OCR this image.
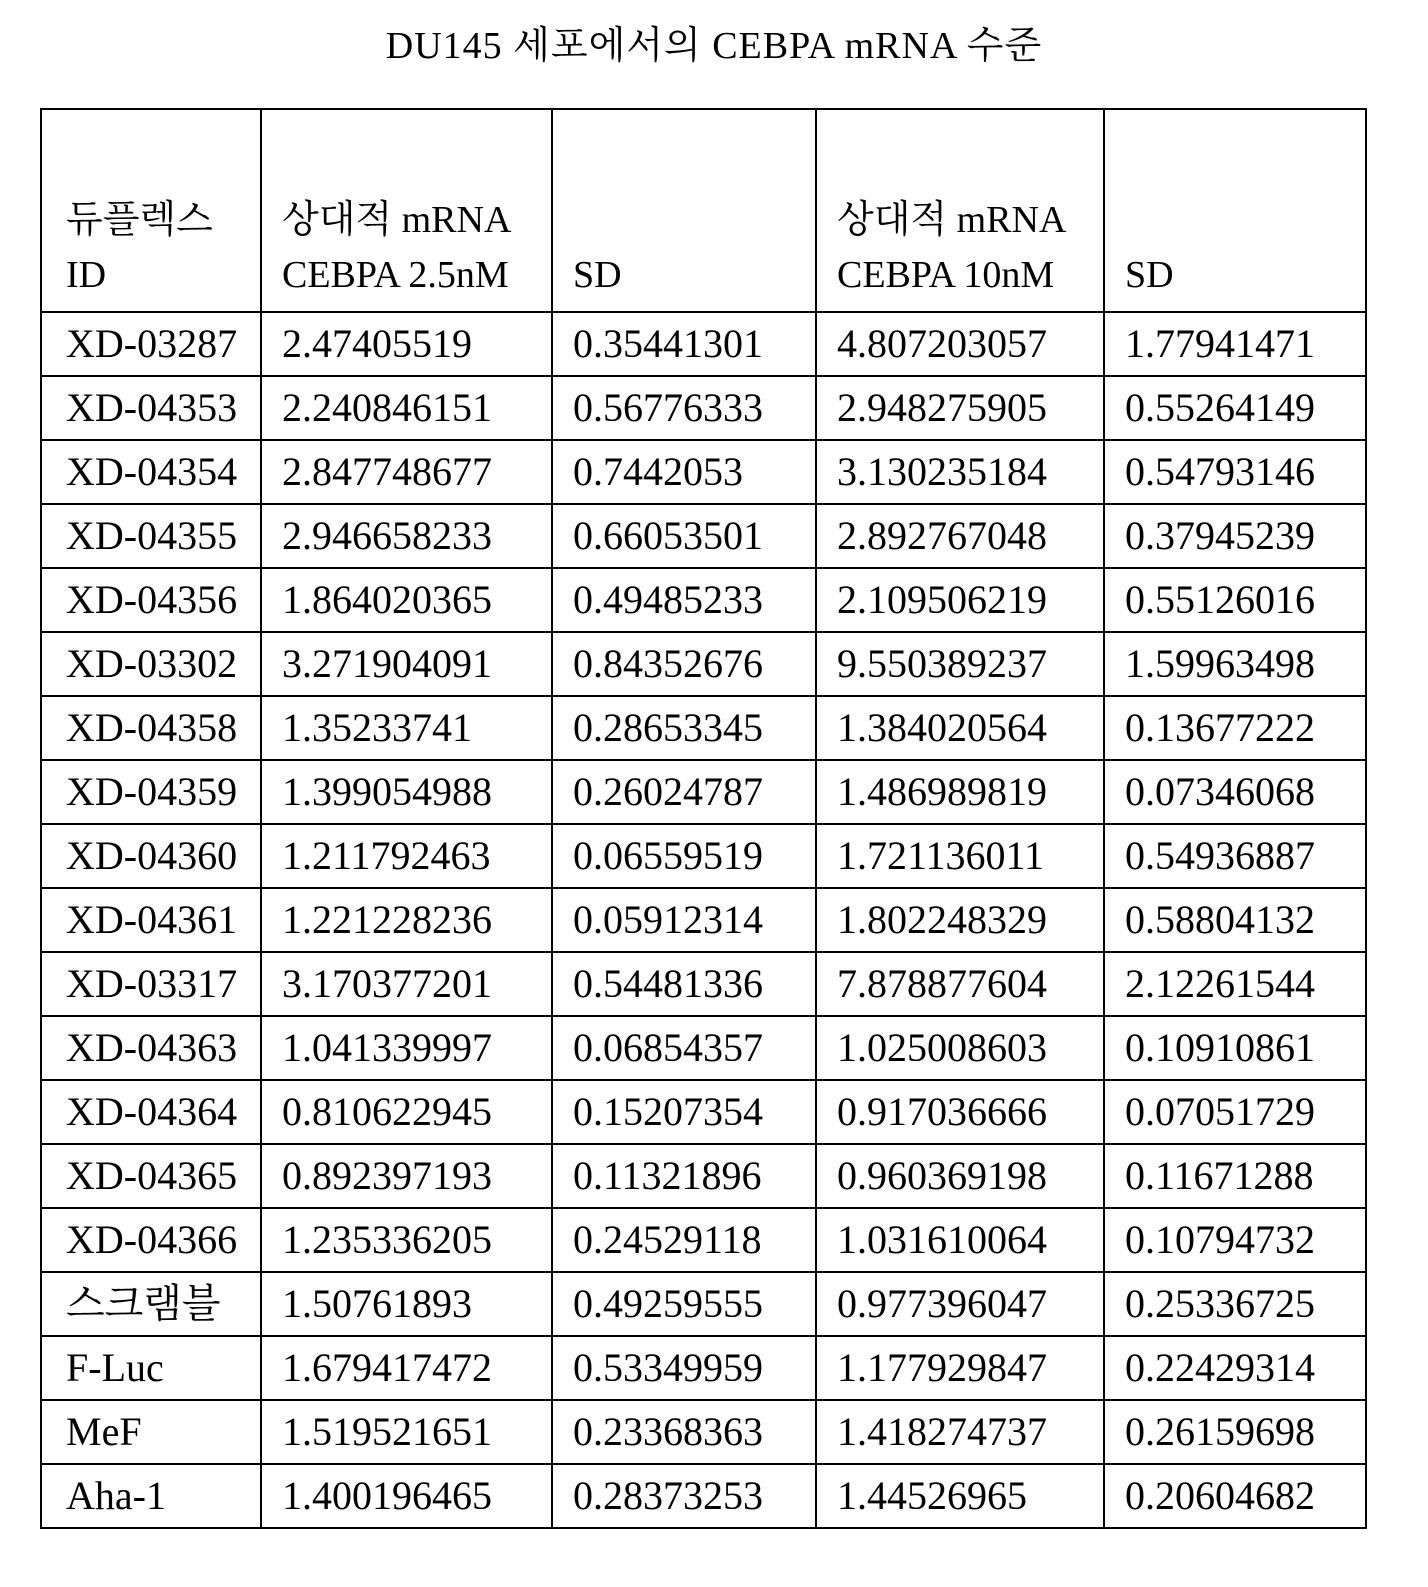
DU145 세포에서의 CEBPA mRNA 수준
듀플렉스
ID	상대적 mRNA
CEBPA 2.5nM	SD	상대적 mRNA
CEBPA 10nM	SD
XD-03287	2.47405519	0.35441301	4.807203057	1.77941471
XD-04353	2.240846151	0.56776333	2.948275905	0.55264149
XD-04354	2.847748677	0.7442053	3.130235184	0.54793146
XD-04355	2.946658233	0.66053501	2.892767048	0.37945239
XD-04356	1.864020365	0.49485233	2.109506219	0.55126016
XD-03302	3.271904091	0.84352676	9.550389237	1.59963498
XD-04358	1.35233741	0.28653345	1.384020564	0.13677222
XD-04359	1.399054988	0.26024787	1.486989819	0.07346068
XD-04360	1.211792463	0.06559519	1.721136011	0.54936887
XD-04361	1.221228236	0.05912314	1.802248329	0.58804132
XD-03317	3.170377201	0.54481336	7.878877604	2.12261544
XD-04363	1.041339997	0.06854357	1.025008603	0.10910861
XD-04364	0.810622945	0.15207354	0.917036666	0.07051729
XD-04365	0.892397193	0.11321896	0.960369198	0.11671288
XD-04366	1.235336205	0.24529118	1.031610064	0.10794732
스크램블	1.50761893	0.49259555	0.977396047	0.25336725
F-Luc	1.679417472	0.53349959	1.177929847	0.22429314
MeF	1.519521651	0.23368363	1.418274737	0.26159698
Aha-1	1.400196465	0.28373253	1.44526965	0.20604682
